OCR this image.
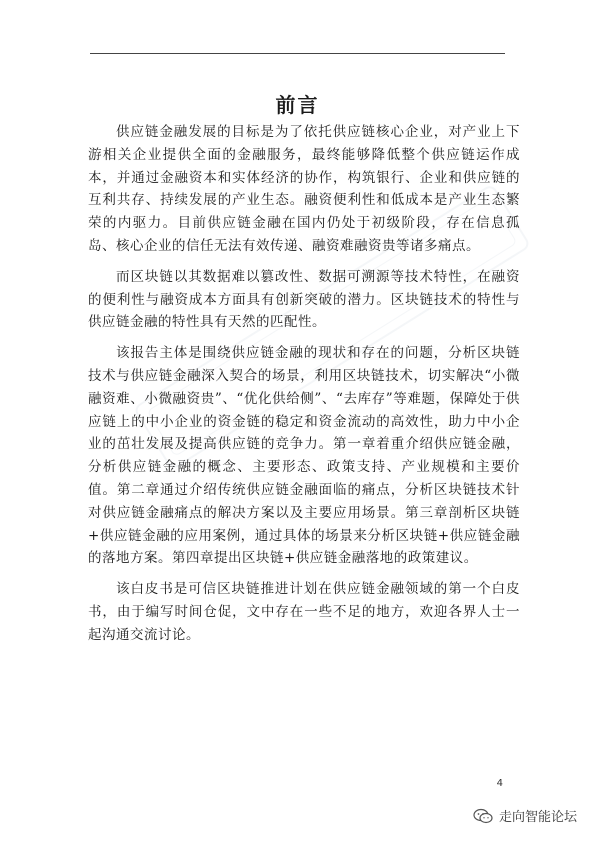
前言

供应链金融发展的目标是为了依托供应链核心企业，对产业上下游相关企业提供全面的金融服务，最终能够降低整个供应链运作成本，并通过金融资本和实体经济的协作，构筑银行、企业和供应链的互利共存、持续发展的产业生态。融资便利性和低成本是产业生态繁荣的内驱力。目前供应链金融在国内仍处于初级阶段，存在信息孤岛、核心企业的信任无法有效传递、融资难融资贵等诸多痛点。

而区块链以其数据难以篡改性、数据可溯源等技术特性，在融资的便利性与融资成本方面具有创新突破的潜力。区块链技术的特性与供应链金融的特性具有天然的匹配性。

该报告主体是围绕供应链金融的现状和存在的问题，分析区块链技术与供应链金融深入契合的场景，利用区块链技术，切实解决“小微融资难、小微融资贵”、“优化供给侧”、“去库存”等难题，保障处于供应链上的中小企业的资金链的稳定和资金流动的高效性，助力中小企业的茁壮发展及提高供应链的竞争力。第一章着重介绍供应链金融，分析供应链金融的概念、主要形态、政策支持、产业规模和主要价值。第二章通过介绍传统供应链金融面临的痛点，分析区块链技术针对供应链金融痛点的解决方案以及主要应用场景。第三章剖析区块链+供应链金融的应用案例，通过具体的场景来分析区块链+供应链金融的落地方案。第四章提出区块链+供应链金融落地的政策建议。

该白皮书是可信区块链推进计划在供应链金融领域的第一个白皮书，由于编写时间仓促，文中存在一些不足的地方，欢迎各界人士一起沟通交流讨论。

4
走向智能论坛
